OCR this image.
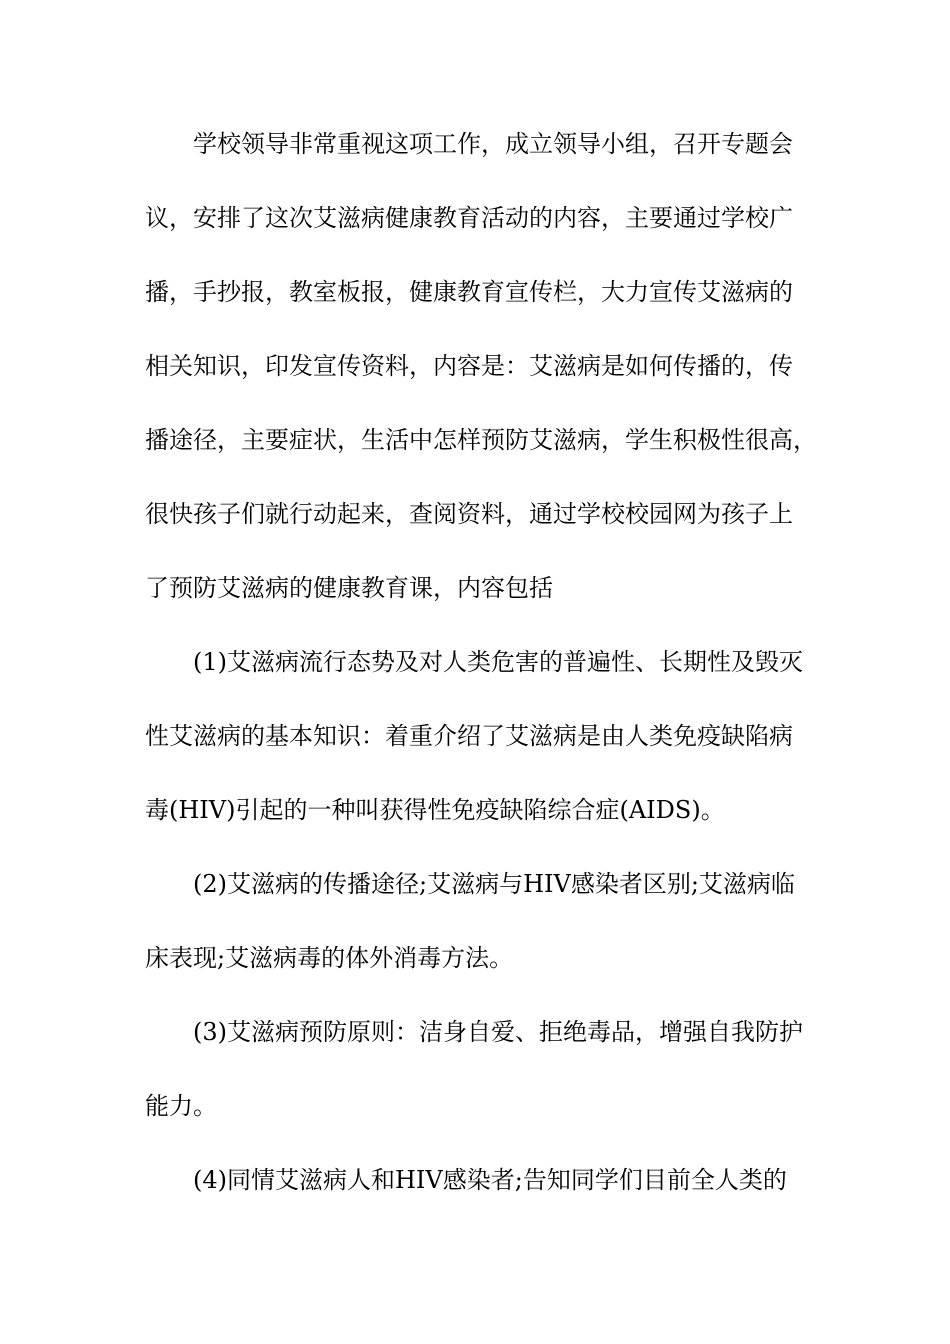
学校领导非常重视这项工作，成立领导小组，召开专题会
议，安排了这次艾滋病健康教育活动的内容，主要通过学校广
播，手抄报，教室板报，健康教育宣传栏，大力宣传艾滋病的
相关知识，印发宣传资料，内容是：艾滋病是如何传播的，传
播途径，主要症状，生活中怎样预防艾滋病，学生积极性很高，
很快孩子们就行动起来，查阅资料，通过学校校园网为孩子上
了预防艾滋病的健康教育课，内容包括
(1)艾滋病流行态势及对人类危害的普遍性、长期性及毁灭
性艾滋病的基本知识：着重介绍了艾滋病是由人类免疫缺陷病
毒(HIV)引起的一种叫获得性免疫缺陷综合症(AIDS)。
(2)艾滋病的传播途径;艾滋病与HIV感染者区别;艾滋病临
床表现;艾滋病毒的体外消毒方法。
(3)艾滋病预防原则：洁身自爱、拒绝毒品，增强自我防护
能力。
(4)同情艾滋病人和HIV感染者;告知同学们目前全人类的
